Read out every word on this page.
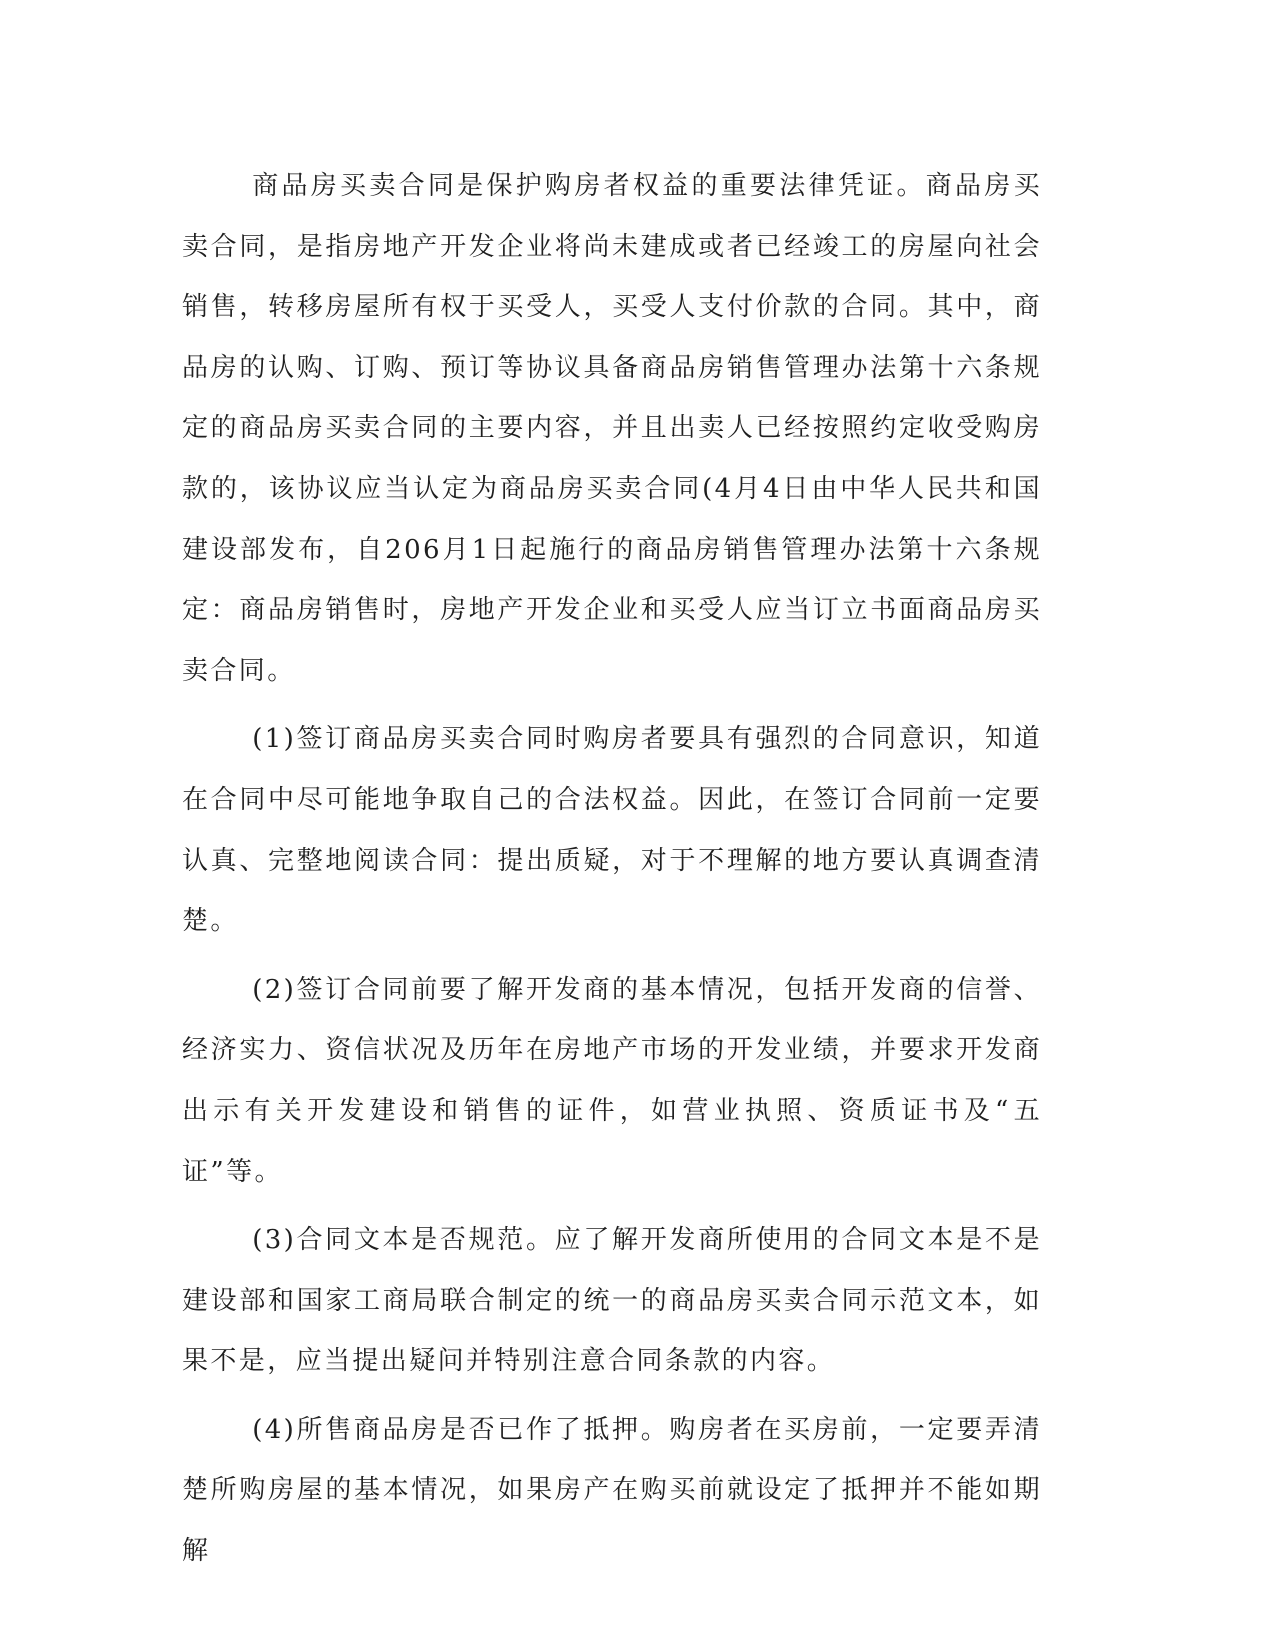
商品房买卖合同是保护购房者权益的重要法律凭证。商品房买卖合同，是指房地产开发企业将尚未建成或者已经竣工的房屋向社会销售，转移房屋所有权于买受人，买受人支付价款的合同。其中，商品房的认购、订购、预订等协议具备商品房销售管理办法第十六条规定的商品房买卖合同的主要内容，并且出卖人已经按照约定收受购房款的，该协议应当认定为商品房买卖合同(4月4日由中华人民共和国建设部发布，自206月1日起施行的商品房销售管理办法第十六条规定：商品房销售时，房地产开发企业和买受人应当订立书面商品房买卖合同。

(1)签订商品房买卖合同时购房者要具有强烈的合同意识，知道在合同中尽可能地争取自己的合法权益。因此，在签订合同前一定要认真、完整地阅读合同：提出质疑，对于不理解的地方要认真调查清楚。

(2)签订合同前要了解开发商的基本情况，包括开发商的信誉、经济实力、资信状况及历年在房地产市场的开发业绩，并要求开发商出示有关开发建设和销售的证件，如营业执照、资质证书及“五证”等。

(3)合同文本是否规范。应了解开发商所使用的合同文本是不是建设部和国家工商局联合制定的统一的商品房买卖合同示范文本，如果不是，应当提出疑问并特别注意合同条款的内容。

(4)所售商品房是否已作了抵押。购房者在买房前，一定要弄清楚所购房屋的基本情况，如果房产在购买前就设定了抵押并不能如期解
